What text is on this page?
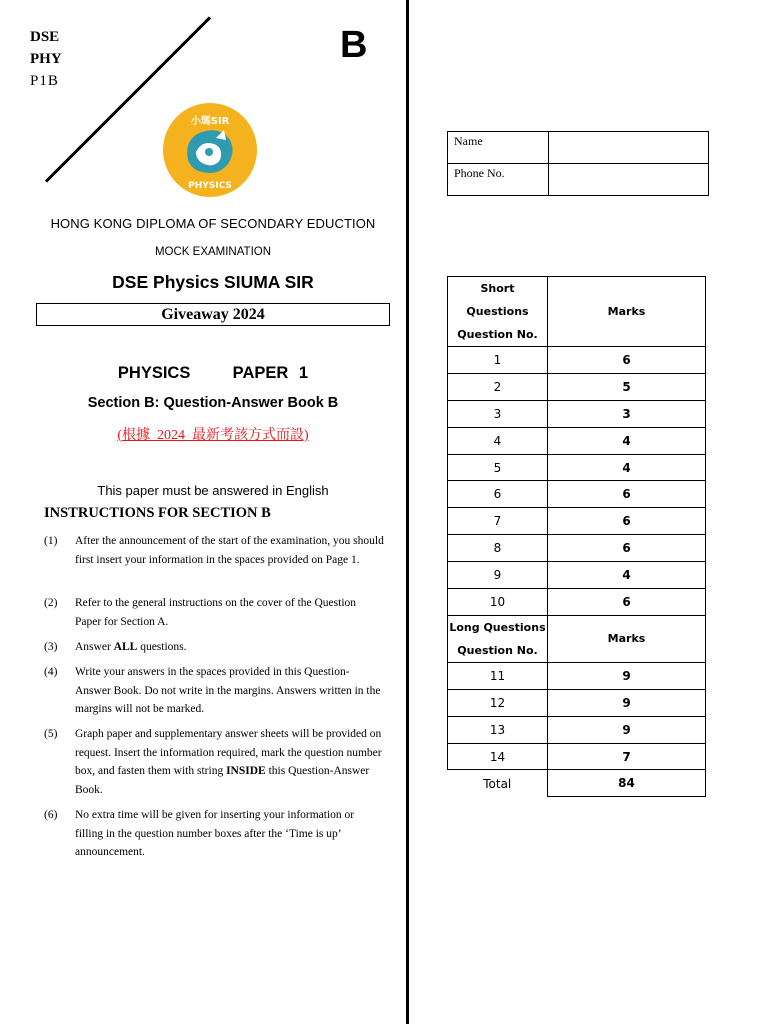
DSE
PHY
P1B
B
小瑪SIR
PHYSICS
HONG KONG DIPLOMA OF SECONDARY EDUCTION
MOCK EXAMINATION
DSE Physics SIUMA SIR
Giveaway 2024
PHYSICS    PAPER 1
Section B: Question-Answer Book B
(根據  2024  最新考該方式而設)
This paper must be answered in English
INSTRUCTIONS FOR SECTION B
(1) After the announcement of the start of the examination, you should first insert your information in the spaces provided on Page 1.
(2) Refer to the general instructions on the cover of the Question Paper for Section A.
(3) Answer ALL questions.
(4) Write your answers in the spaces provided in this Question-Answer Book. Do not write in the margins. Answers written in the margins will not be marked.
(5) Graph paper and supplementary answer sheets will be provided on request. Insert the information required, mark the question number box, and fasten them with string INSIDE this Question-Answer Book.
(6) No extra time will be given for inserting your information or filling in the question number boxes after the ‘Time is up’ announcement.
Name	
Phone No.	
Short Questions
Question No.	Marks
1	6
2	5
3	3
4	4
5	4
6	6
7	6
8	6
9	4
10	6

Long Questions
Question No.	Marks
11	9
12	9
13	9
14	7
Total	84
